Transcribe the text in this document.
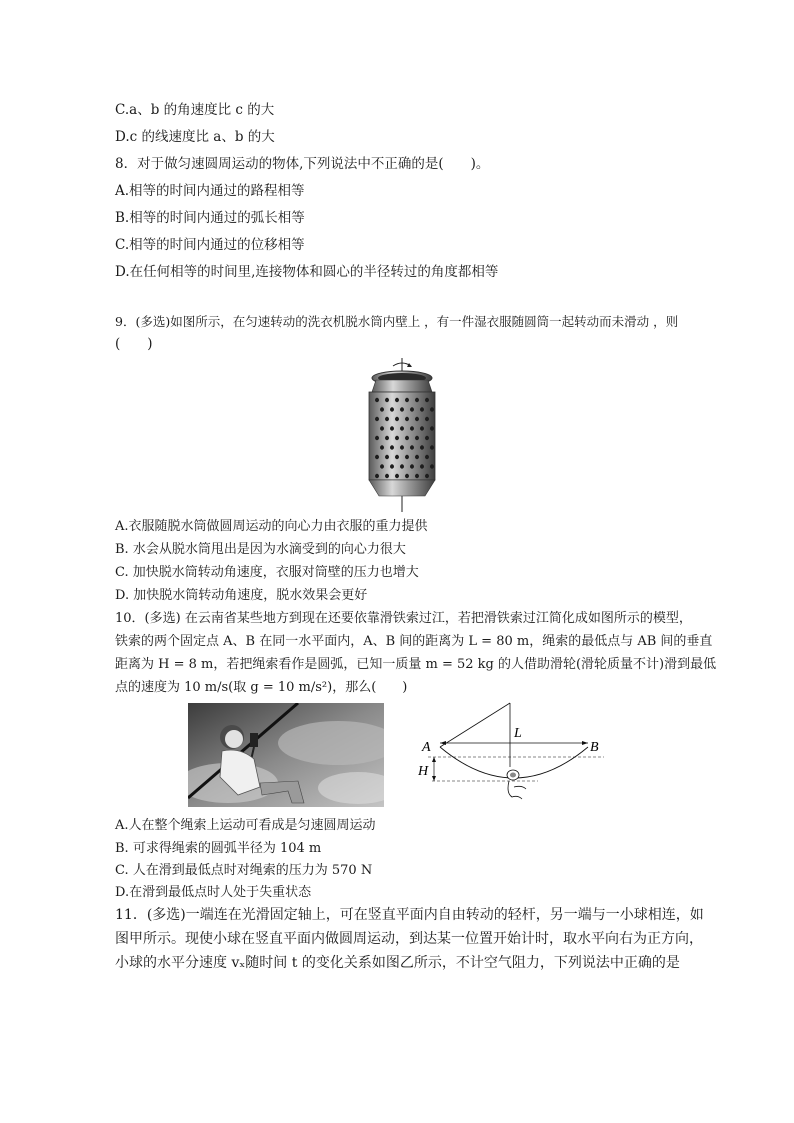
C.a、b 的角速度比 c 的大
D.c 的线速度比 a、b 的大
8．对于做匀速圆周运动的物体,下列说法中不正确的是(　　)。
A.相等的时间内通过的路程相等
B.相等的时间内通过的弧长相等
C.相等的时间内通过的位移相等
D.在任何相等的时间里,连接物体和圆心的半径转过的角度都相等
9．(多选)如图所示，在匀速转动的洗衣机脱水筒内壁上 ，有一件湿衣服随圆筒一起转动而未滑动 ，则
(　　)
A.衣服随脱水筒做圆周运动的向心力由衣服的重力提供
B. 水会从脱水筒甩出是因为水滴受到的向心力很大
C. 加快脱水筒转动角速度，衣服对筒壁的压力也增大
D. 加快脱水筒转动角速度，脱水效果会更好
10．(多选) 在云南省某些地方到现在还要依靠滑铁索过江，若把滑铁索过江简化成如图所示的模型，
铁索的两个固定点 A、B 在同一水平面内，A、B 间的距离为 L = 80 m，绳索的最低点与 AB 间的垂直
距离为 H = 8 m，若把绳索看作是圆弧，已知一质量 m = 52 kg 的人借助滑轮(滑轮质量不计)滑到最低
点的速度为 10 m/s(取 g = 10 m/s²)，那么(　　)
A	B
L
H
A.人在整个绳索上运动可看成是匀速圆周运动
B. 可求得绳索的圆弧半径为 104 m
C. 人在滑到最低点时对绳索的压力为 570 N
D.在滑到最低点时人处于失重状态
11．(多选)一端连在光滑固定轴上，可在竖直平面内自由转动的轻杆，另一端与一小球相连，如
图甲所示。现使小球在竖直平面内做圆周运动，到达某一位置开始计时，取水平向右为正方向，
小球的水平分速度 vₓ随时间 t 的变化关系如图乙所示，不计空气阻力，下列说法中正确的是
